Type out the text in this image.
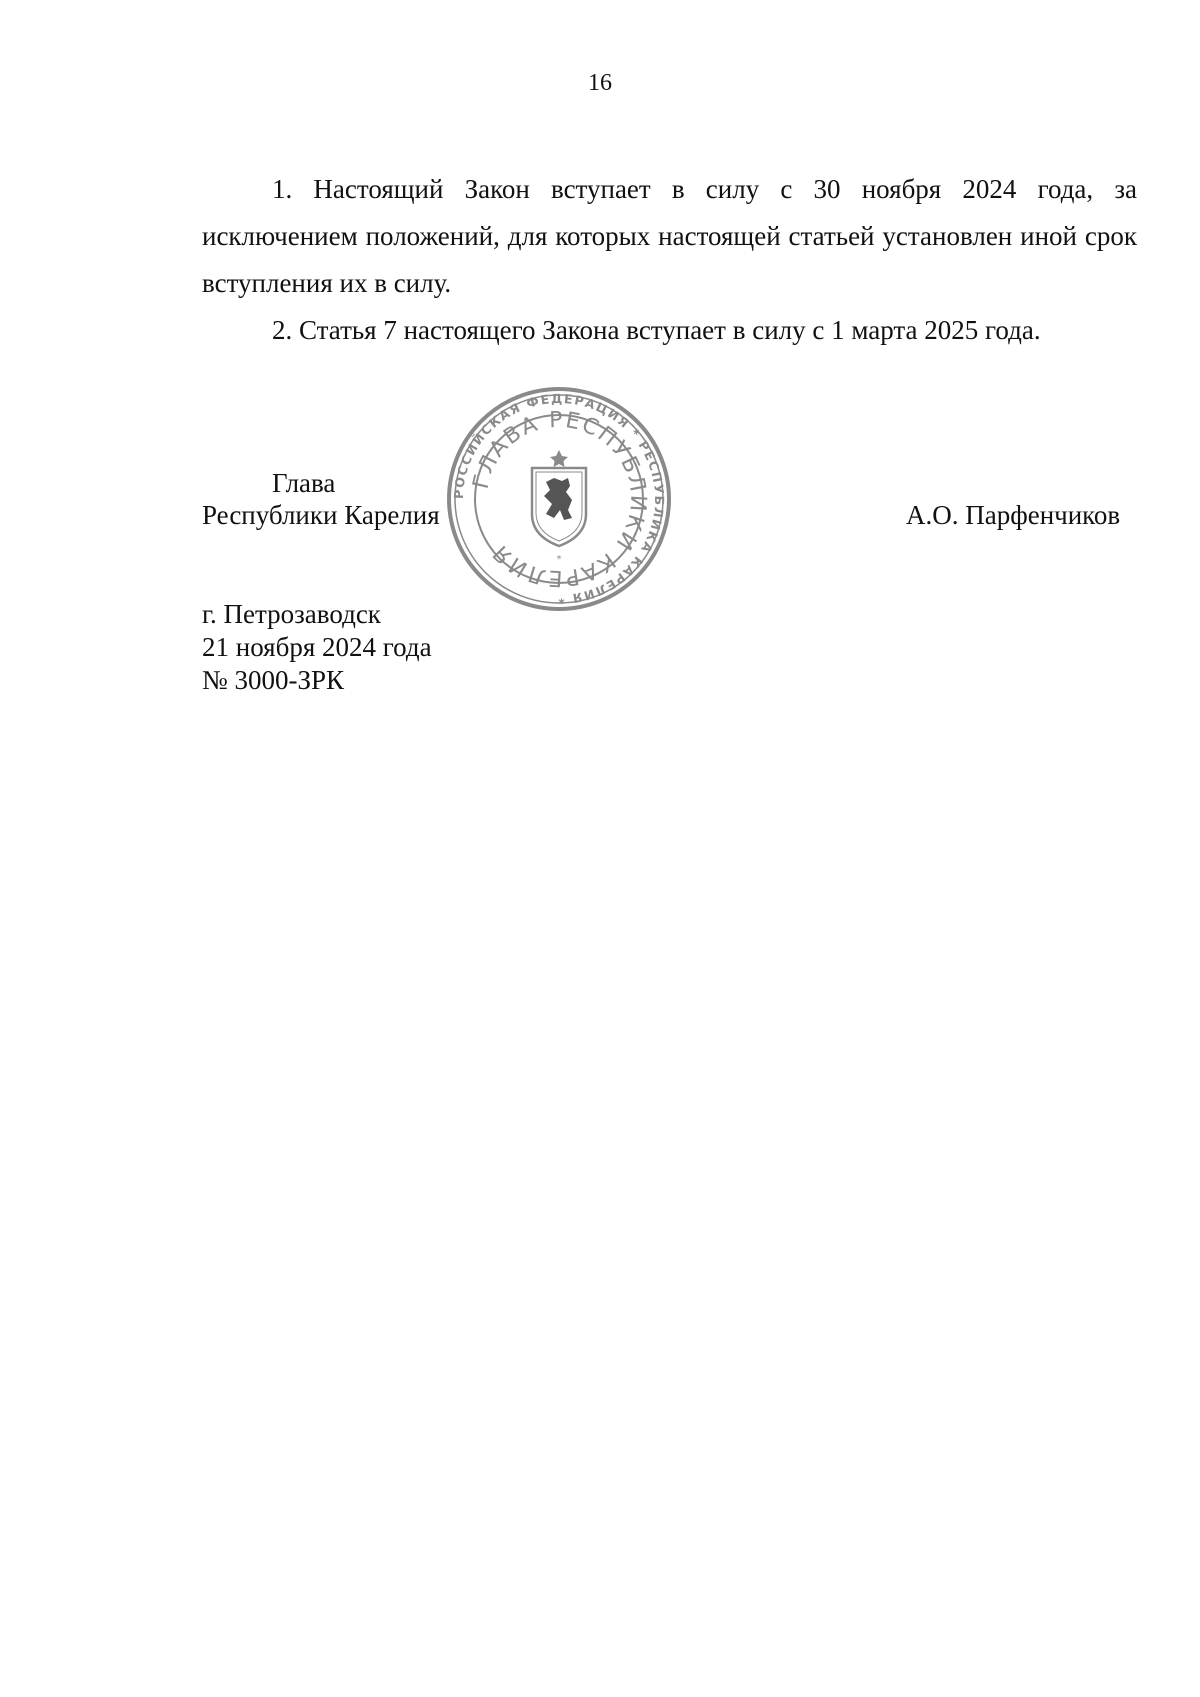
16

1. Настоящий Закон вступает в силу с 30 ноября 2024 года, за исключением положений, для которых настоящей статьей установлен иной срок вступления их в силу.

2. Статья 7 настоящего Закона вступает в силу с 1 марта 2025 года.

Глава
Республики Карелия	А.О. Парфенчиков
РОССИЙСКАЯ ФЕДЕРАЦИЯ * РЕСПУБЛИКА КАРЕЛИЯ *
ГЛАВА РЕСПУБЛИКИ КАРЕЛИЯ	*
г. Петрозаводск
21 ноября 2024 года
№ 3000-ЗРК
